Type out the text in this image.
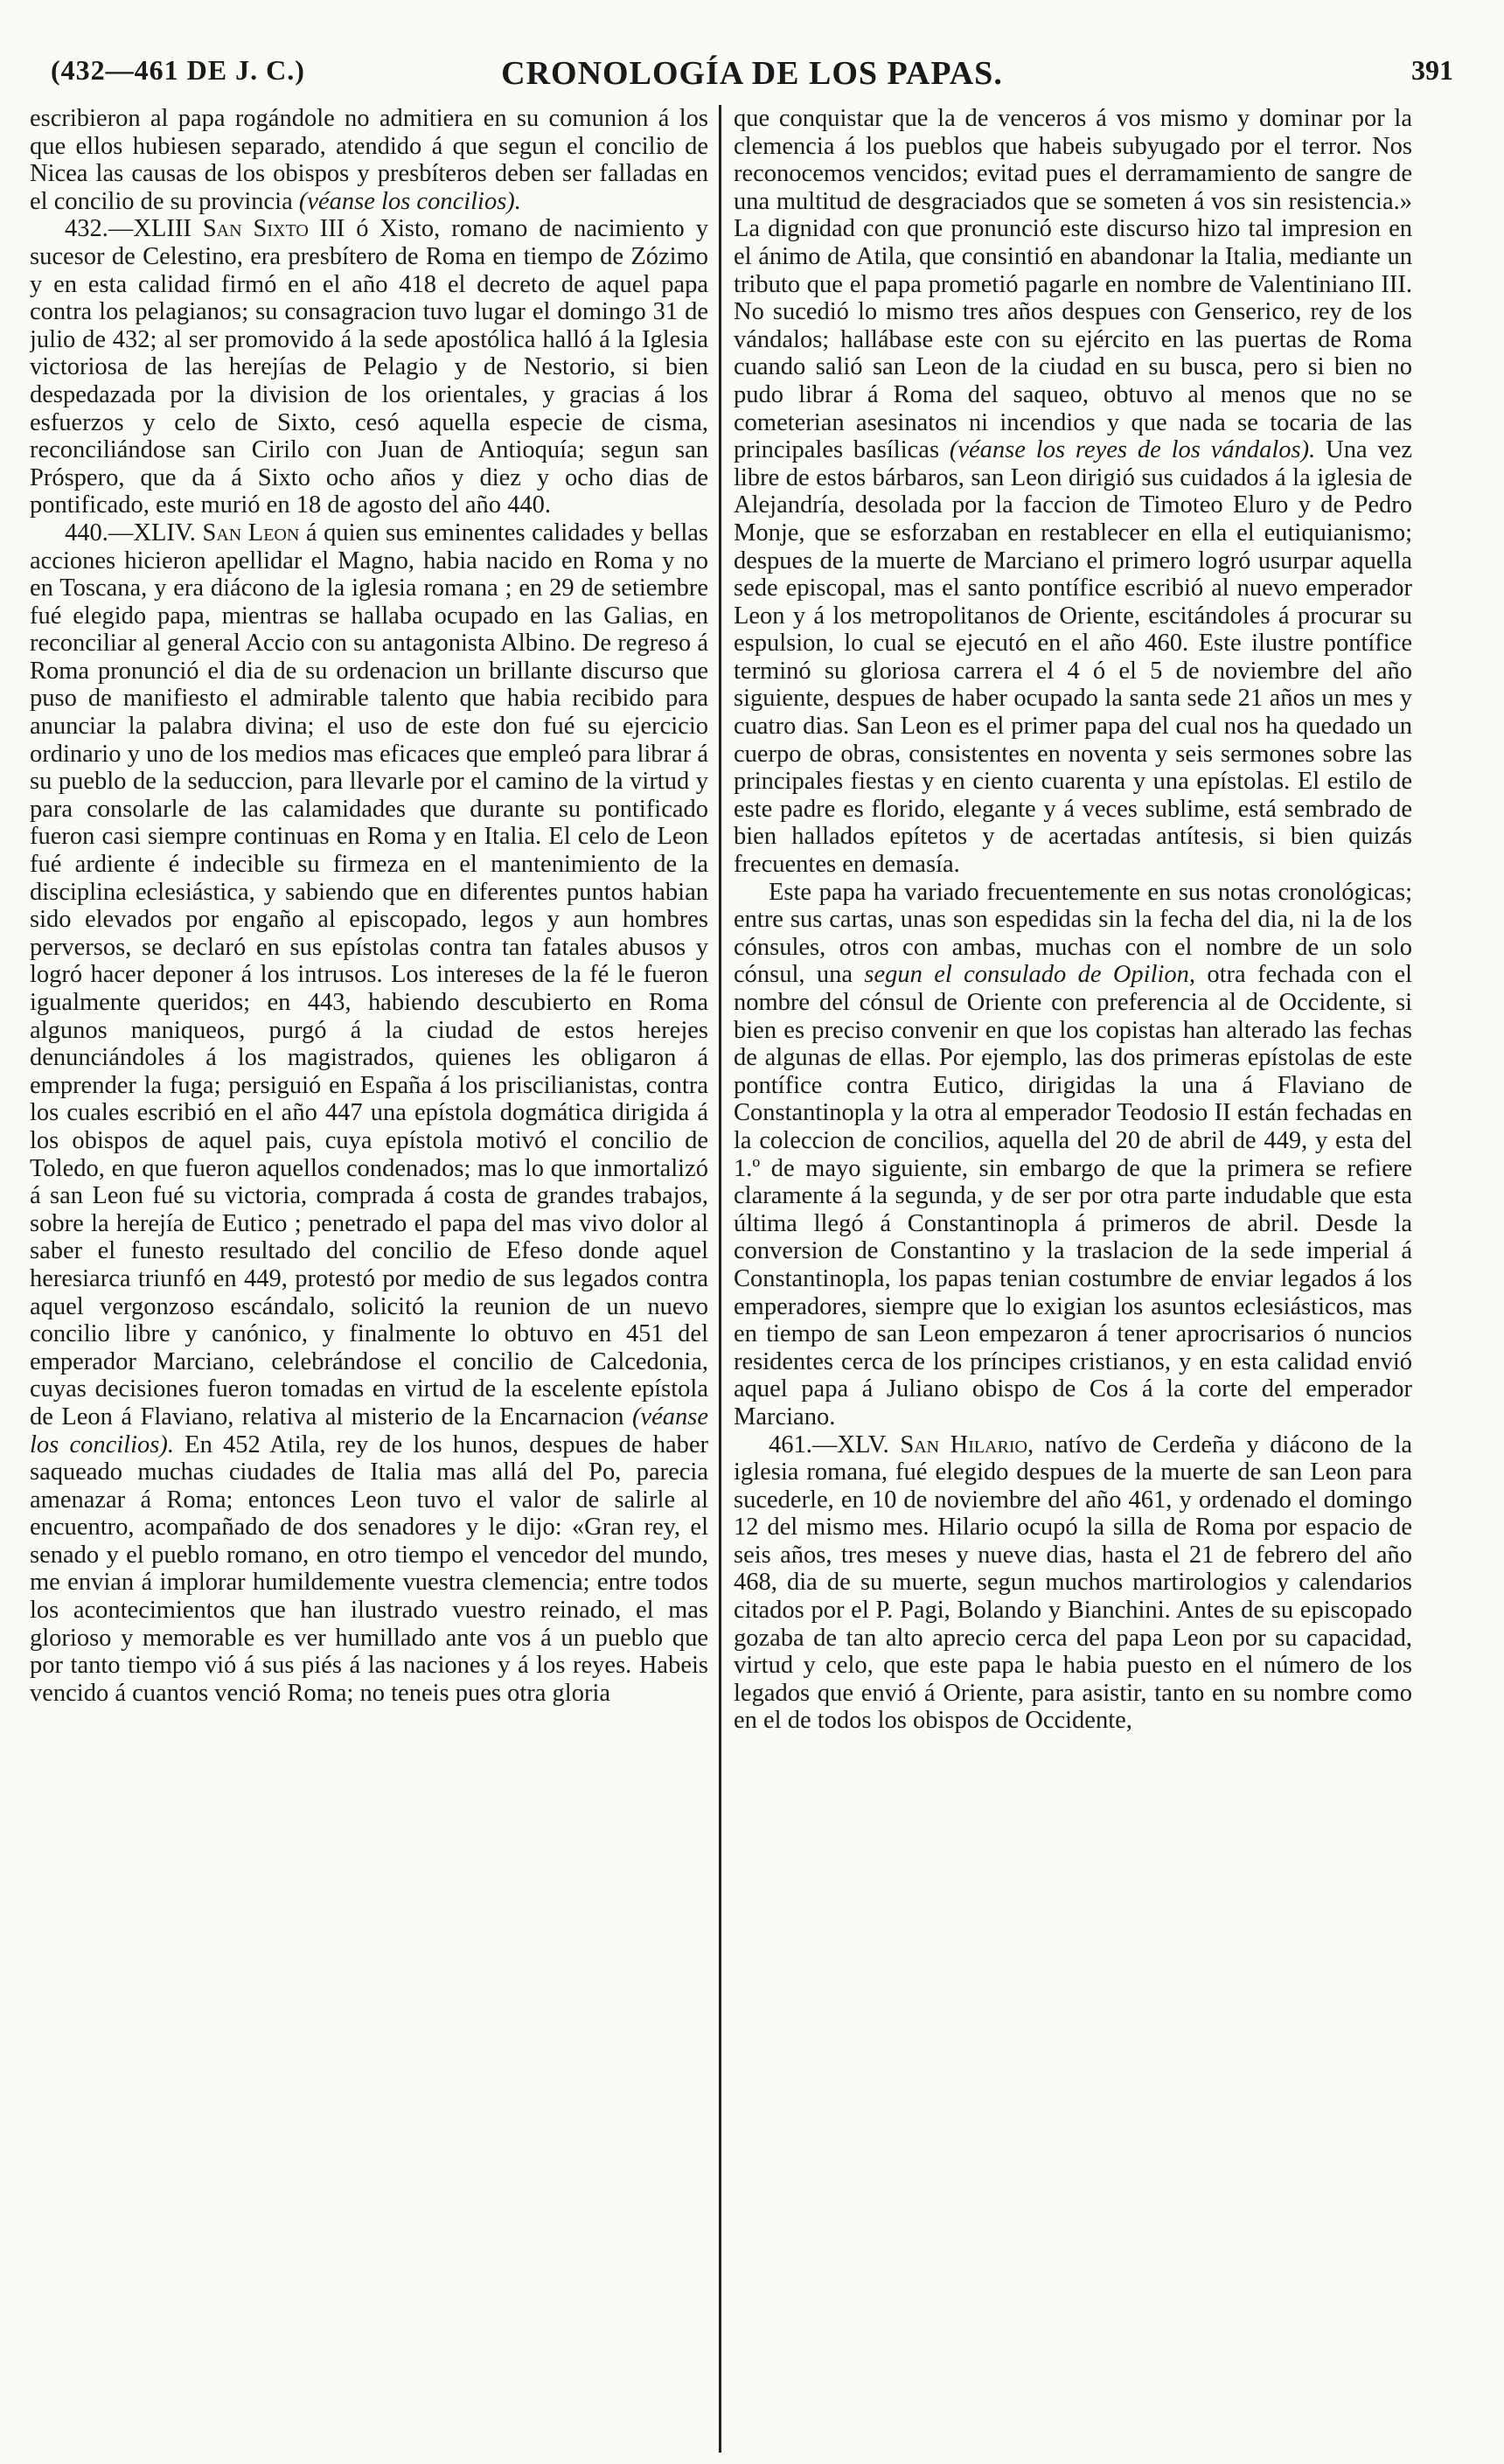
(432—461 DE J. C.)	CRONOLOGÍA DE LOS PAPAS.	391

escribieron al papa rogándole no admitiera en su comunion á los que ellos hubiesen separado, atendido á que segun el concilio de Nicea las causas de los obispos y presbíteros deben ser falladas en el concilio de su provincia (véanse los concilios).

432.—XLIII San Sixto III ó Xisto, romano de nacimiento y sucesor de Celestino, era presbítero de Roma en tiempo de Zózimo y en esta calidad firmó en el año 418 el decreto de aquel papa contra los pelagianos; su consagracion tuvo lugar el domingo 31 de julio de 432; al ser promovido á la sede apostólica halló á la Iglesia victoriosa de las herejías de Pelagio y de Nestorio, si bien despedazada por la division de los orientales, y gracias á los esfuerzos y celo de Sixto, cesó aquella especie de cisma, reconciliándose san Cirilo con Juan de Antioquía; segun san Próspero, que da á Sixto ocho años y diez y ocho dias de pontificado, este murió en 18 de agosto del año 440.

440.—XLIV. San Leon á quien sus eminentes calidades y bellas acciones hicieron apellidar el Magno, habia nacido en Roma y no en Toscana, y era diácono de la iglesia romana ; en 29 de setiembre fué elegido papa, mientras se hallaba ocupado en las Galias, en reconciliar al general Accio con su antagonista Albino. De regreso á Roma pronunció el dia de su ordenacion un brillante discurso que puso de manifiesto el admirable talento que habia recibido para anunciar la palabra divina; el uso de este don fué su ejercicio ordinario y uno de los medios mas eficaces que empleó para librar á su pueblo de la seduccion, para llevarle por el camino de la virtud y para consolarle de las calamidades que durante su pontificado fueron casi siempre continuas en Roma y en Italia. El celo de Leon fué ardiente é indecible su firmeza en el mantenimiento de la disciplina eclesiástica, y sabiendo que en diferentes puntos habian sido elevados por engaño al episcopado, legos y aun hombres perversos, se declaró en sus epístolas contra tan fatales abusos y logró hacer deponer á los intrusos. Los intereses de la fé le fueron igualmente queridos; en 443, habiendo descubierto en Roma algunos maniqueos, purgó á la ciudad de estos herejes denunciándoles á los magistrados, quienes les obligaron á emprender la fuga; persiguió en España á los priscilianistas, contra los cuales escribió en el año 447 una epístola dogmática dirigida á los obispos de aquel pais, cuya epístola motivó el concilio de Toledo, en que fueron aquellos condenados; mas lo que inmortalizó á san Leon fué su victoria, comprada á costa de grandes trabajos, sobre la herejía de Eutico ; penetrado el papa del mas vivo dolor al saber el funesto resultado del concilio de Efeso donde aquel heresiarca triunfó en 449, protestó por medio de sus legados contra aquel vergonzoso escándalo, solicitó la reunion de un nuevo concilio libre y canónico, y finalmente lo obtuvo en 451 del emperador Marciano, celebrándose el concilio de Calcedonia, cuyas decisiones fueron tomadas en virtud de la escelente epístola de Leon á Flaviano, relativa al misterio de la Encarnacion (véanse los concilios). En 452 Atila, rey de los hunos, despues de haber saqueado muchas ciudades de Italia mas allá del Po, parecia amenazar á Roma; entonces Leon tuvo el valor de salirle al encuentro, acompañado de dos senadores y le dijo: «Gran rey, el senado y el pueblo romano, en otro tiempo el vencedor del mundo, me envian á implorar humildemente vuestra clemencia; entre todos los acontecimientos que han ilustrado vuestro reinado, el mas glorioso y memorable es ver humillado ante vos á un pueblo que por tanto tiempo vió á sus piés á las naciones y á los reyes. Habeis vencido á cuantos venció Roma; no teneis pues otra gloria

que conquistar que la de venceros á vos mismo y dominar por la clemencia á los pueblos que habeis subyugado por el terror. Nos reconocemos vencidos; evitad pues el derramamiento de sangre de una multitud de desgraciados que se someten á vos sin resistencia.» La dignidad con que pronunció este discurso hizo tal impresion en el ánimo de Atila, que consintió en abandonar la Italia, mediante un tributo que el papa prometió pagarle en nombre de Valentiniano III. No sucedió lo mismo tres años despues con Genserico, rey de los vándalos; hallábase este con su ejército en las puertas de Roma cuando salió san Leon de la ciudad en su busca, pero si bien no pudo librar á Roma del saqueo, obtuvo al menos que no se cometerian asesinatos ni incendios y que nada se tocaria de las principales basílicas (véanse los reyes de los vándalos). Una vez libre de estos bárbaros, san Leon dirigió sus cuidados á la iglesia de Alejandría, desolada por la faccion de Timoteo Eluro y de Pedro Monje, que se esforzaban en restablecer en ella el eutiquianismo; despues de la muerte de Marciano el primero logró usurpar aquella sede episcopal, mas el santo pontífice escribió al nuevo emperador Leon y á los metropolitanos de Oriente, escitándoles á procurar su espulsion, lo cual se ejecutó en el año 460. Este ilustre pontífice terminó su gloriosa carrera el 4 ó el 5 de noviembre del año siguiente, despues de haber ocupado la santa sede 21 años un mes y cuatro dias. San Leon es el primer papa del cual nos ha quedado un cuerpo de obras, consistentes en noventa y seis sermones sobre las principales fiestas y en ciento cuarenta y una epístolas. El estilo de este padre es florido, elegante y á veces sublime, está sembrado de bien hallados epítetos y de acertadas antítesis, si bien quizás frecuentes en demasía.

Este papa ha variado frecuentemente en sus notas cronológicas; entre sus cartas, unas son espedidas sin la fecha del dia, ni la de los cónsules, otros con ambas, muchas con el nombre de un solo cónsul, una segun el consulado de Opilion, otra fechada con el nombre del cónsul de Oriente con preferencia al de Occidente, si bien es preciso convenir en que los copistas han alterado las fechas de algunas de ellas. Por ejemplo, las dos primeras epístolas de este pontífice contra Eutico, dirigidas la una á Flaviano de Constantinopla y la otra al emperador Teodosio II están fechadas en la coleccion de concilios, aquella del 20 de abril de 449, y esta del 1.º de mayo siguiente, sin embargo de que la primera se refiere claramente á la segunda, y de ser por otra parte indudable que esta última llegó á Constantinopla á primeros de abril. Desde la conversion de Constantino y la traslacion de la sede imperial á Constantinopla, los papas tenian costumbre de enviar legados á los emperadores, siempre que lo exigian los asuntos eclesiásticos, mas en tiempo de san Leon empezaron á tener aprocrisarios ó nuncios residentes cerca de los príncipes cristianos, y en esta calidad envió aquel papa á Juliano obispo de Cos á la corte del emperador Marciano.

461.—XLV. San Hilario, natívo de Cerdeña y diácono de la iglesia romana, fué elegido despues de la muerte de san Leon para sucederle, en 10 de noviembre del año 461, y ordenado el domingo 12 del mismo mes. Hilario ocupó la silla de Roma por espacio de seis años, tres meses y nueve dias, hasta el 21 de febrero del año 468, dia de su muerte, segun muchos martirologios y calendarios citados por el P. Pagi, Bolando y Bianchini. Antes de su episcopado gozaba de tan alto aprecio cerca del papa Leon por su capacidad, virtud y celo, que este papa le habia puesto en el número de los legados que envió á Oriente, para asistir, tanto en su nombre como en el de todos los obispos de Occidente,
